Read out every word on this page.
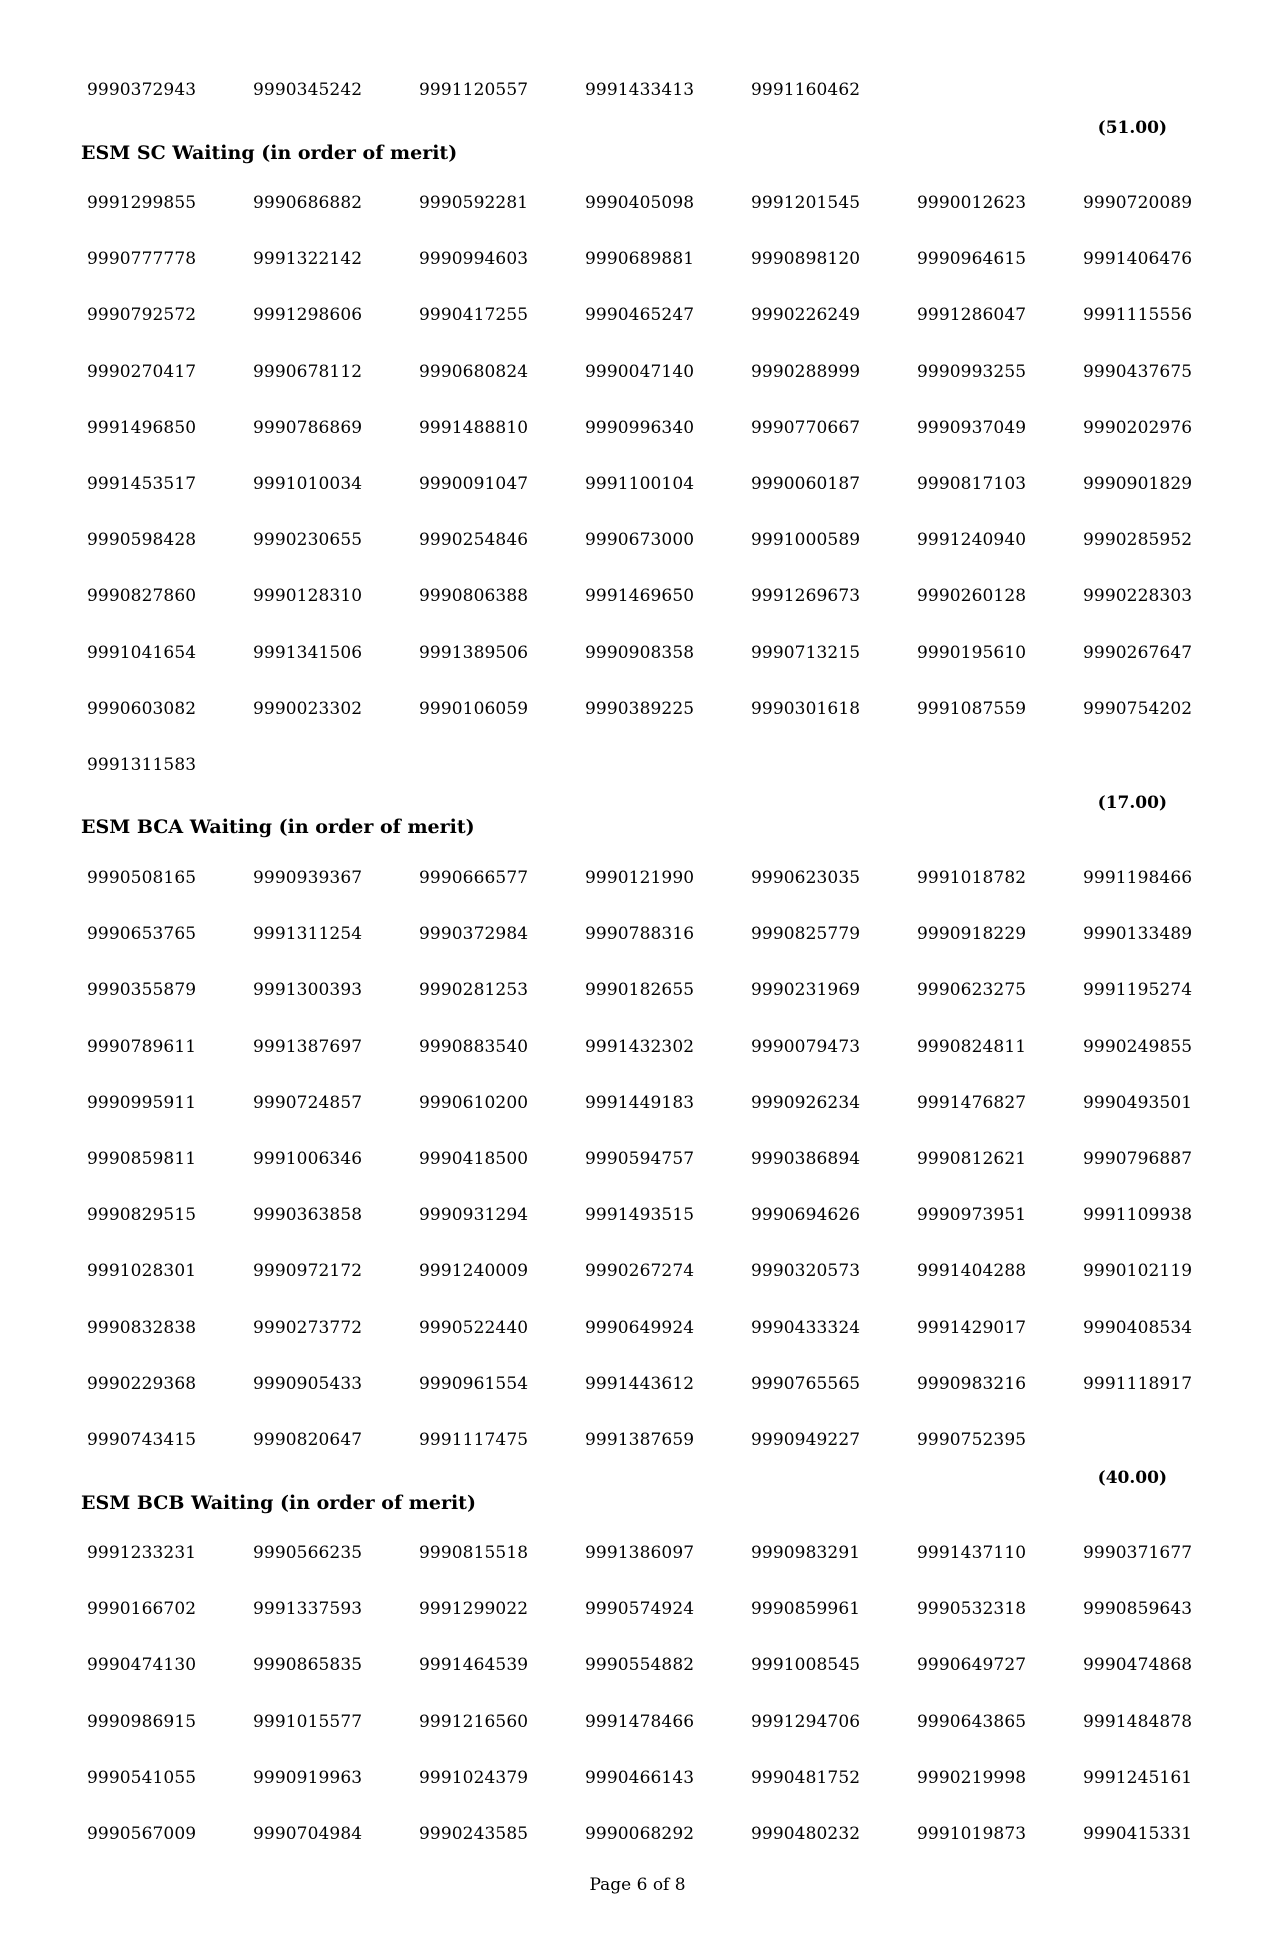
Page 6 of 8
9990372943	9990345242	9991120557	9991433413	9991160462
(51.00)
ESM SC Waiting (in order of merit)
9991299855	9990686882	9990592281	9990405098	9991201545	9990012623	9990720089
9990777778	9991322142	9990994603	9990689881	9990898120	9990964615	9991406476
9990792572	9991298606	9990417255	9990465247	9990226249	9991286047	9991115556
9990270417	9990678112	9990680824	9990047140	9990288999	9990993255	9990437675
9991496850	9990786869	9991488810	9990996340	9990770667	9990937049	9990202976
9991453517	9991010034	9990091047	9991100104	9990060187	9990817103	9990901829
9990598428	9990230655	9990254846	9990673000	9991000589	9991240940	9990285952
9990827860	9990128310	9990806388	9991469650	9991269673	9990260128	9990228303
9991041654	9991341506	9991389506	9990908358	9990713215	9990195610	9990267647
9990603082	9990023302	9990106059	9990389225	9990301618	9991087559	9990754202
9991311583
(17.00)
ESM BCA Waiting (in order of merit)
9990508165	9990939367	9990666577	9990121990	9990623035	9991018782	9991198466
9990653765	9991311254	9990372984	9990788316	9990825779	9990918229	9990133489
9990355879	9991300393	9990281253	9990182655	9990231969	9990623275	9991195274
9990789611	9991387697	9990883540	9991432302	9990079473	9990824811	9990249855
9990995911	9990724857	9990610200	9991449183	9990926234	9991476827	9990493501
9990859811	9991006346	9990418500	9990594757	9990386894	9990812621	9990796887
9990829515	9990363858	9990931294	9991493515	9990694626	9990973951	9991109938
9991028301	9990972172	9991240009	9990267274	9990320573	9991404288	9990102119
9990832838	9990273772	9990522440	9990649924	9990433324	9991429017	9990408534
9990229368	9990905433	9990961554	9991443612	9990765565	9990983216	9991118917
9990743415	9990820647	9991117475	9991387659	9990949227	9990752395
(40.00)
ESM BCB Waiting (in order of merit)
9991233231	9990566235	9990815518	9991386097	9990983291	9991437110	9990371677
9990166702	9991337593	9991299022	9990574924	9990859961	9990532318	9990859643
9990474130	9990865835	9991464539	9990554882	9991008545	9990649727	9990474868
9990986915	9991015577	9991216560	9991478466	9991294706	9990643865	9991484878
9990541055	9990919963	9991024379	9990466143	9990481752	9990219998	9991245161
9990567009	9990704984	9990243585	9990068292	9990480232	9991019873	9990415331
